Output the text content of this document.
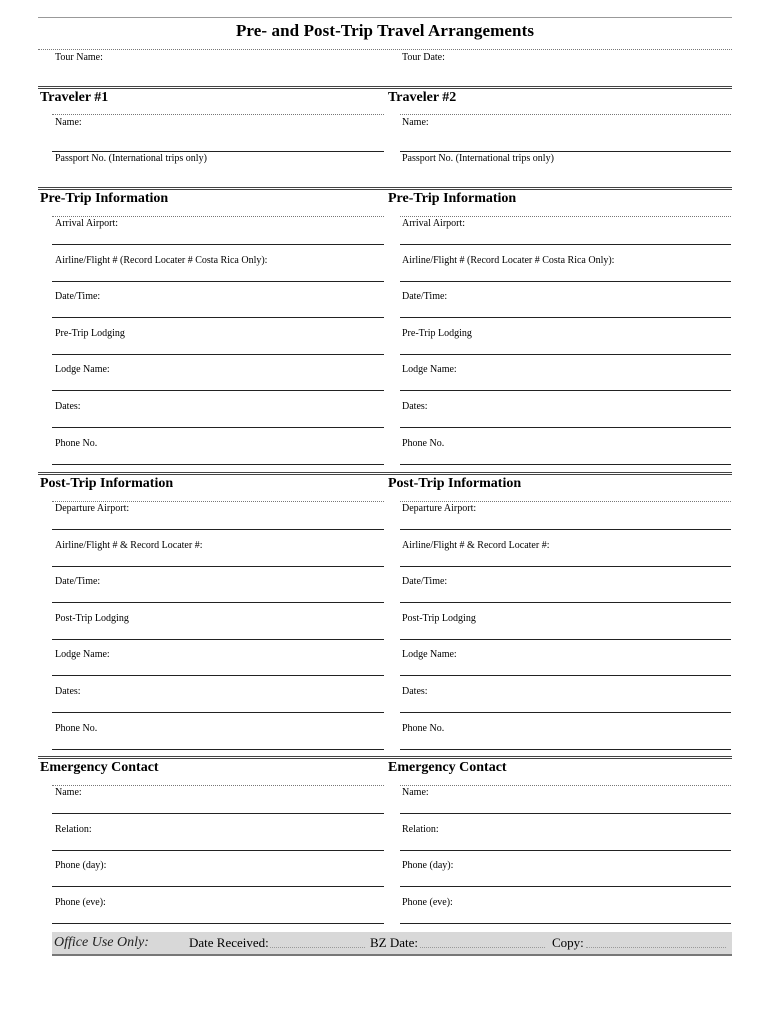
Pre- and Post-Trip Travel Arrangements
Tour Name:	Tour Date:
Traveler #1
Name:
Passport No. (International trips only)
Traveler #2
Name:
Passport No. (International trips only)
Pre-Trip Information
Arrival Airport:
Airline/Flight # (Record Locater # Costa Rica Only):
Date/Time:
Pre-Trip Lodging
Lodge Name:
Dates:
Phone No.
Pre-Trip Information
Arrival Airport:
Airline/Flight # (Record Locater # Costa Rica Only):
Date/Time:
Pre-Trip Lodging
Lodge Name:
Dates:
Phone No.
Post-Trip Information
Departure Airport:
Airline/Flight # & Record Locater #:
Date/Time:
Post-Trip Lodging
Lodge Name:
Dates:
Phone No.
Post-Trip Information
Departure Airport:
Airline/Flight # & Record Locater #:
Date/Time:
Post-Trip Lodging
Lodge Name:
Dates:
Phone No.
Emergency Contact
Name:
Relation:
Phone (day):
Phone (eve):
Emergency Contact
Name:
Relation:
Phone (day):
Phone (eve):
Office Use Only:	Date Received:	BZ Date:	Copy:
